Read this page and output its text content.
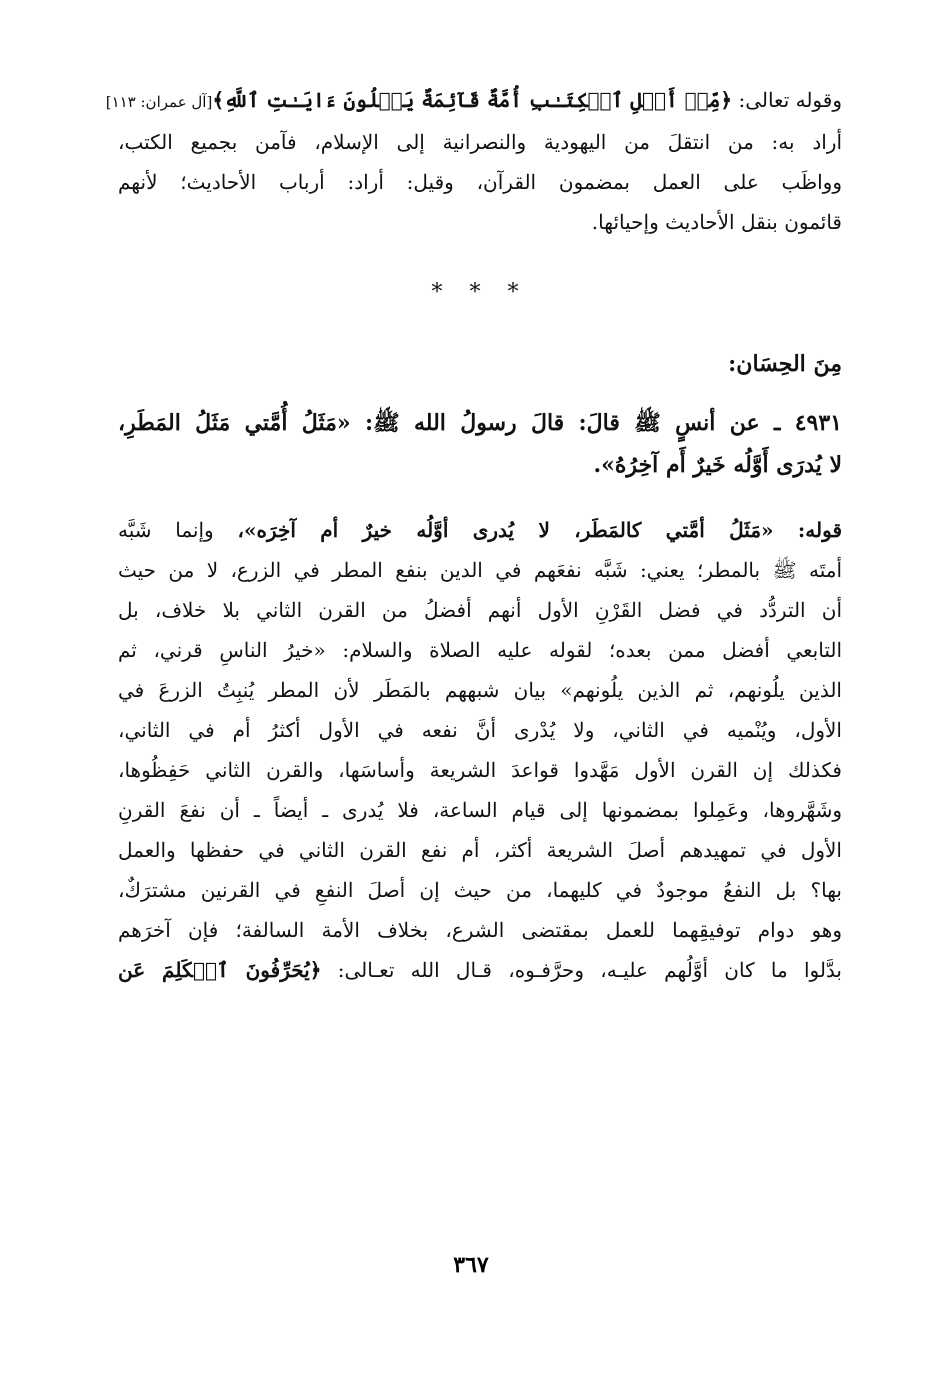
وقوله تعالى: ﴿مِّنۡ أَهۡلِ ٱلۡكِتَـٰبِ أُمَّةٌ قَآئِمَةٌ يَتۡلُونَ ءَايَـٰتِ ٱللَّهِ﴾[آل عمران: ١١٣]
أراد به: من انتقلَ من اليهودية والنصرانية إلى الإسلام، فآمن بجميع الكتب،
وواظَب على العمل بمضمون القرآن، وقيل: أراد: أرباب الأحاديث؛ لأنهم
قائمون بنقل الأحاديث وإحيائها.
* * *
مِنَ الحِسَان:
٤٩٣١ ـ عن أنسٍ ﷺ قالَ: قالَ رسولُ الله ﷺ: «مَثَلُ أُمَّتي مَثَلُ المَطَرِ،
لا يُدرَى أَوَّلُه خَيرٌ أَم آخِرُهُ».
قوله: «مَثَلُ أمَّتي كالمَطَر، لا يُدرى أوَّلُه خيرٌ أم آخِرَه»، وإنما شَبَّه
أمتَه ﷺ بالمطر؛ يعني: شَبَّه نفعَهم في الدين بنفع المطر في الزرع، لا من حيث
أن التردُّد في فضل القَرْنِ الأول أنهم أفضلُ من القرن الثاني بلا خلاف، بل
التابعي أفضل ممن بعده؛ لقوله عليه الصلاة والسلام: «خيرُ الناسِ قرني، ثم
الذين يلُونهم، ثم الذين يلُونهم» بيان شبههم بالمَطَر لأن المطر يُنبِتُ الزرعَ في
الأول، ويُنْميه في الثاني، ولا يُدْرى أنَّ نفعه في الأول أكثرُ أم في الثاني،
فكذلك إن القرن الأول مَهَّدوا قواعدَ الشريعة وأساسَها، والقرن الثاني حَفِظُوها،
وشَهَّروها، وعَمِلوا بمضمونها إلى قيام الساعة، فلا يُدرى ـ أيضاً ـ أن نفعَ القرنِ
الأول في تمهيدهم أصلَ الشريعة أكثر، أم نفع القرن الثاني في حفظها والعمل
بها؟ بل النفعُ موجودٌ في كليهما، من حيث إن أصلَ النفعِ في القرنين مشترَكٌ،
وهو دوام توفيقِهما للعمل بمقتضى الشرع، بخلاف الأمة السالفة؛ فإن آخرَهم
بدَّلوا ما كان أوَّلُهم عليـه، وحرَّفـوه، قـال الله تعـالى: ﴿يُحَرِّفُونَ ٱلۡكَلِمَ عَن
٣٦٧
